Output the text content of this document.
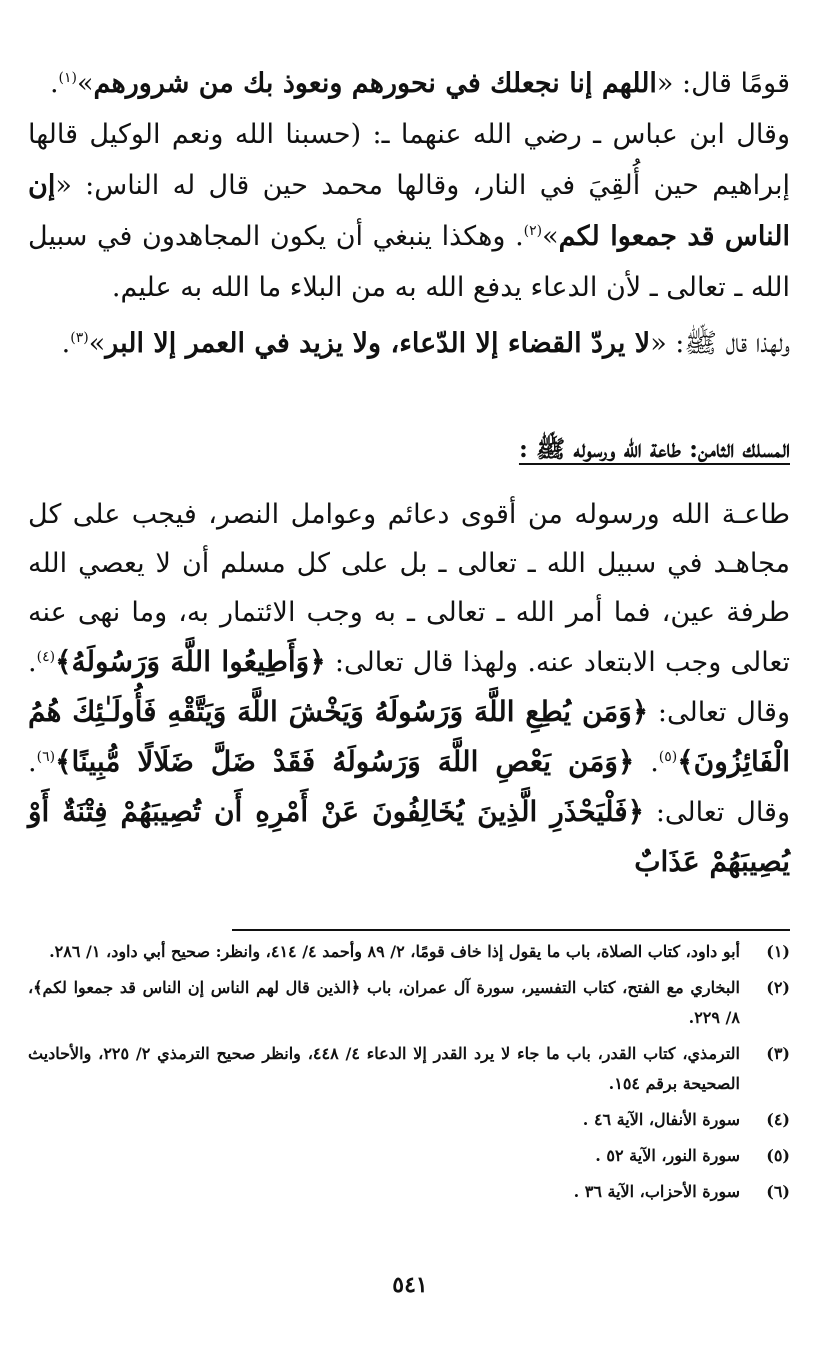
قومًا قال: «اللهم إنا نجعلك في نحورهم ونعوذ بك من شرورهم»$^{(١)}$.
وقال ابن عباس ـ رضي الله عنهما ـ: (حسبنا الله ونعم الوكيل قالها إبراهيم حين أُلقِيَ في النار، وقالها محمد حين قال له الناس: «إن الناس قد جمعوا لكم»$^{(٢)}$. وهكذا ينبغي أن يكون المجاهدون في سبيل الله ـ تعالى ـ لأن الدعاء يدفع الله به من البلاء ما الله به عليم.

ولهذا قال ﷺ: «لا يردّ القضاء إلا الدّعاء، ولا يزيد في العمر إلا البر»$^{(٣)}$.

المسلك الثامن: طاعة الله ورسوله ﷺ :

طاعـة الله ورسوله من أقوى دعائم وعوامل النصر، فيجب على كل مجاهـد في سبيل الله ـ تعالى ـ بل على كل مسلم أن لا يعصي الله طرفة عين، فما أمر الله ـ تعالى ـ به وجب الائتمار به، وما نهى عنه تعالى وجب الابتعاد عنه. ولهذا قال تعالى: ﴿وَأَطِيعُوا اللَّهَ وَرَسُولَهُ﴾$^{(٤)}$. وقال تعالى: ﴿وَمَن يُطِعِ اللَّهَ وَرَسُولَهُ وَيَخْشَ اللَّهَ وَيَتَّقْهِ فَأُولَـٰئِكَ هُمُ الْفَائِزُونَ﴾$^{(٥)}$. ﴿وَمَن يَعْصِ اللَّهَ وَرَسُولَهُ فَقَدْ ضَلَّ ضَلَالًا مُّبِينًا﴾$^{(٦)}$. وقال تعالى: ﴿فَلْيَحْذَرِ الَّذِينَ يُخَالِفُونَ عَنْ أَمْرِهِ أَن تُصِيبَهُمْ فِتْنَةٌ أَوْ يُصِيبَهُمْ عَذَابٌ

(١)
أبو داود، كتاب الصلاة، باب ما يقول إذا خاف قومًا، ٢/ ٨٩ وأحمد ٤/ ٤١٤، وانظر: صحيح أبي داود، ١/ ٢٨٦.
(٢)
البخاري مع الفتح، كتاب التفسير، سورة آل عمران، باب ﴿الذين قال لهم الناس إن الناس قد جمعوا لكم﴾، ٨/ ٢٢٩.
(٣)
الترمذي، كتاب القدر، باب ما جاء لا يرد القدر إلا الدعاء ٤/ ٤٤٨، وانظر صحيح الترمذي ٢/ ٢٢٥، والأحاديث الصحيحة برقم ١٥٤.
(٤)
سورة الأنفال، الآية ٤٦ .
(٥)
سورة النور، الآية ٥٢ .
(٦)
سورة الأحزاب، الآية ٣٦ .
٥٤١
